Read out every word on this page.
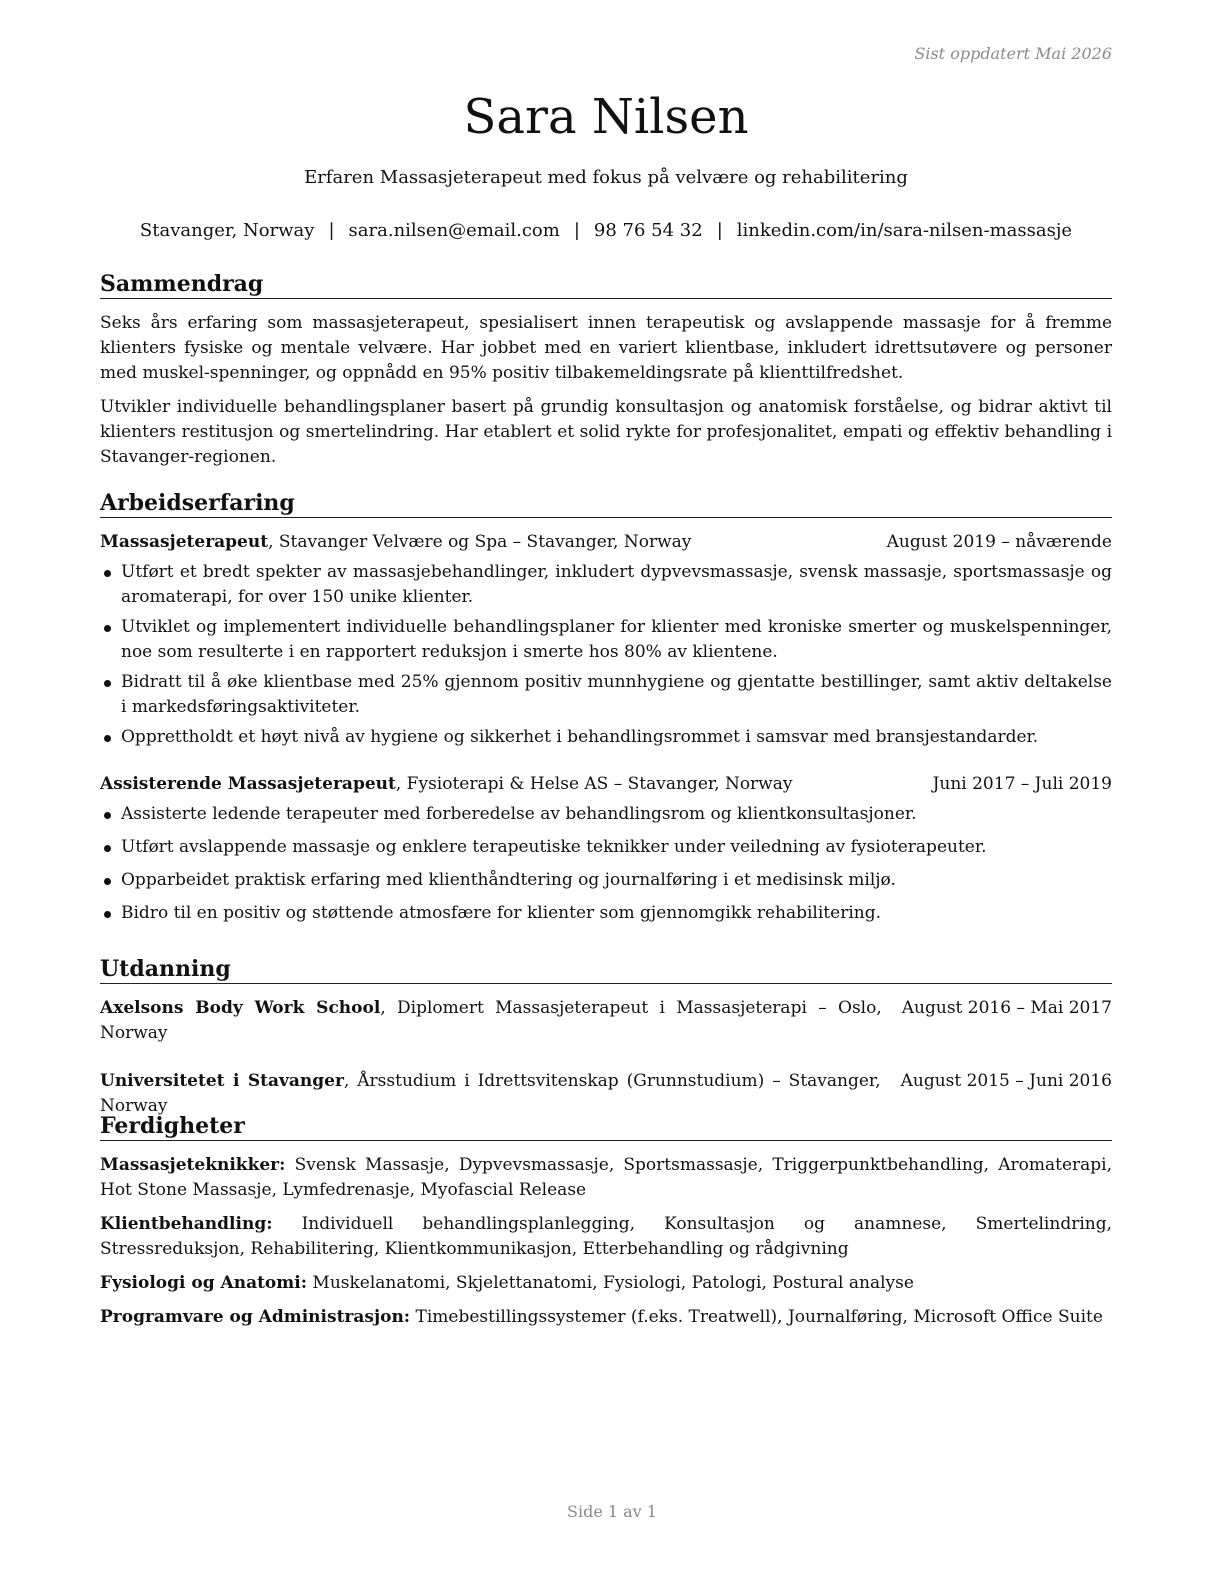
Sist oppdatert Mai 2026
Sara Nilsen
Erfaren Massasjeterapeut med fokus på velvære og rehabilitering
Stavanger, Norway | sara.nilsen@email.com | 98 76 54 32 | linkedin.com/in/sara-nilsen-massasje
Sammendrag

Seks års erfaring som massasjeterapeut, spesialisert innen terapeutisk og avslappende massasje for å fremme klienters fysiske og mentale velvære. Har jobbet med en variert klientbase, inkludert idrettsutøvere og personer med muskel-spenninger, og oppnådd en 95% positiv tilbakemeldingsrate på klienttilfredshet.

Utvikler individuelle behandlingsplaner basert på grundig konsultasjon og anatomisk forståelse, og bidrar aktivt til klienters restitusjon og smertelindring. Har etablert et solid rykte for profesjonalitet, empati og effektiv behandling i Stavanger-regionen.

Arbeidserfaring
Massasjeterapeut, Stavanger Velvære og Spa – Stavanger, Norway	August 2019 – nåværende
Utført et bredt spekter av massasjebehandlinger, inkludert dypvevsmassasje, svensk massasje, sportsmassasje og aromaterapi, for over 150 unike klienter.
Utviklet og implementert individuelle behandlingsplaner for klienter med kroniske smerter og muskelspenninger, noe som resulterte i en rapportert reduksjon i smerte hos 80% av klientene.
Bidratt til å øke klientbase med 25% gjennom positiv munnhygiene og gjentatte bestillinger, samt aktiv deltakelse i markedsføringsaktiviteter.
Opprettholdt et høyt nivå av hygiene og sikkerhet i behandlingsrommet i samsvar med bransjestandarder.
Assisterende Massasjeterapeut, Fysioterapi & Helse AS – Stavanger, Norway	Juni 2017 – Juli 2019
Assisterte ledende terapeuter med forberedelse av behandlingsrom og klientkonsultasjoner.
Utført avslappende massasje og enklere terapeutiske teknikker under veiledning av fysioterapeuter.
Opparbeidet praktisk erfaring med klienthåndtering og journalføring i et medisinsk miljø.
Bidro til en positiv og støttende atmosfære for klienter som gjennomgikk rehabilitering.
Utdanning
Axelsons Body Work School, Diplomert Massasjeterapeut i Massasjeterapi – Oslo, Norway
August 2016 – Mai 2017
Universitetet i Stavanger, Årsstudium i Idrettsvitenskap (Grunnstudium) – Stavanger, Norway
August 2015 – Juni 2016
Ferdigheter
Massasjeteknikker: Svensk Massasje, Dypvevsmassasje, Sportsmassasje, Triggerpunktbehandling, Aromaterapi, Hot Stone Massasje, Lymfedrenasje, Myofascial Release
Klientbehandling: Individuell behandlingsplanlegging, Konsultasjon og anamnese, Smertelindring, Stressreduksjon, Rehabilitering, Klientkommunikasjon, Etterbehandling og rådgivning
Fysiologi og Anatomi: Muskelanatomi, Skjelettanatomi, Fysiologi, Patologi, Postural analyse
Programvare og Administrasjon: Timebestillingssystemer (f.eks. Treatwell), Journalføring, Microsoft Office Suite
Side 1 av 1
